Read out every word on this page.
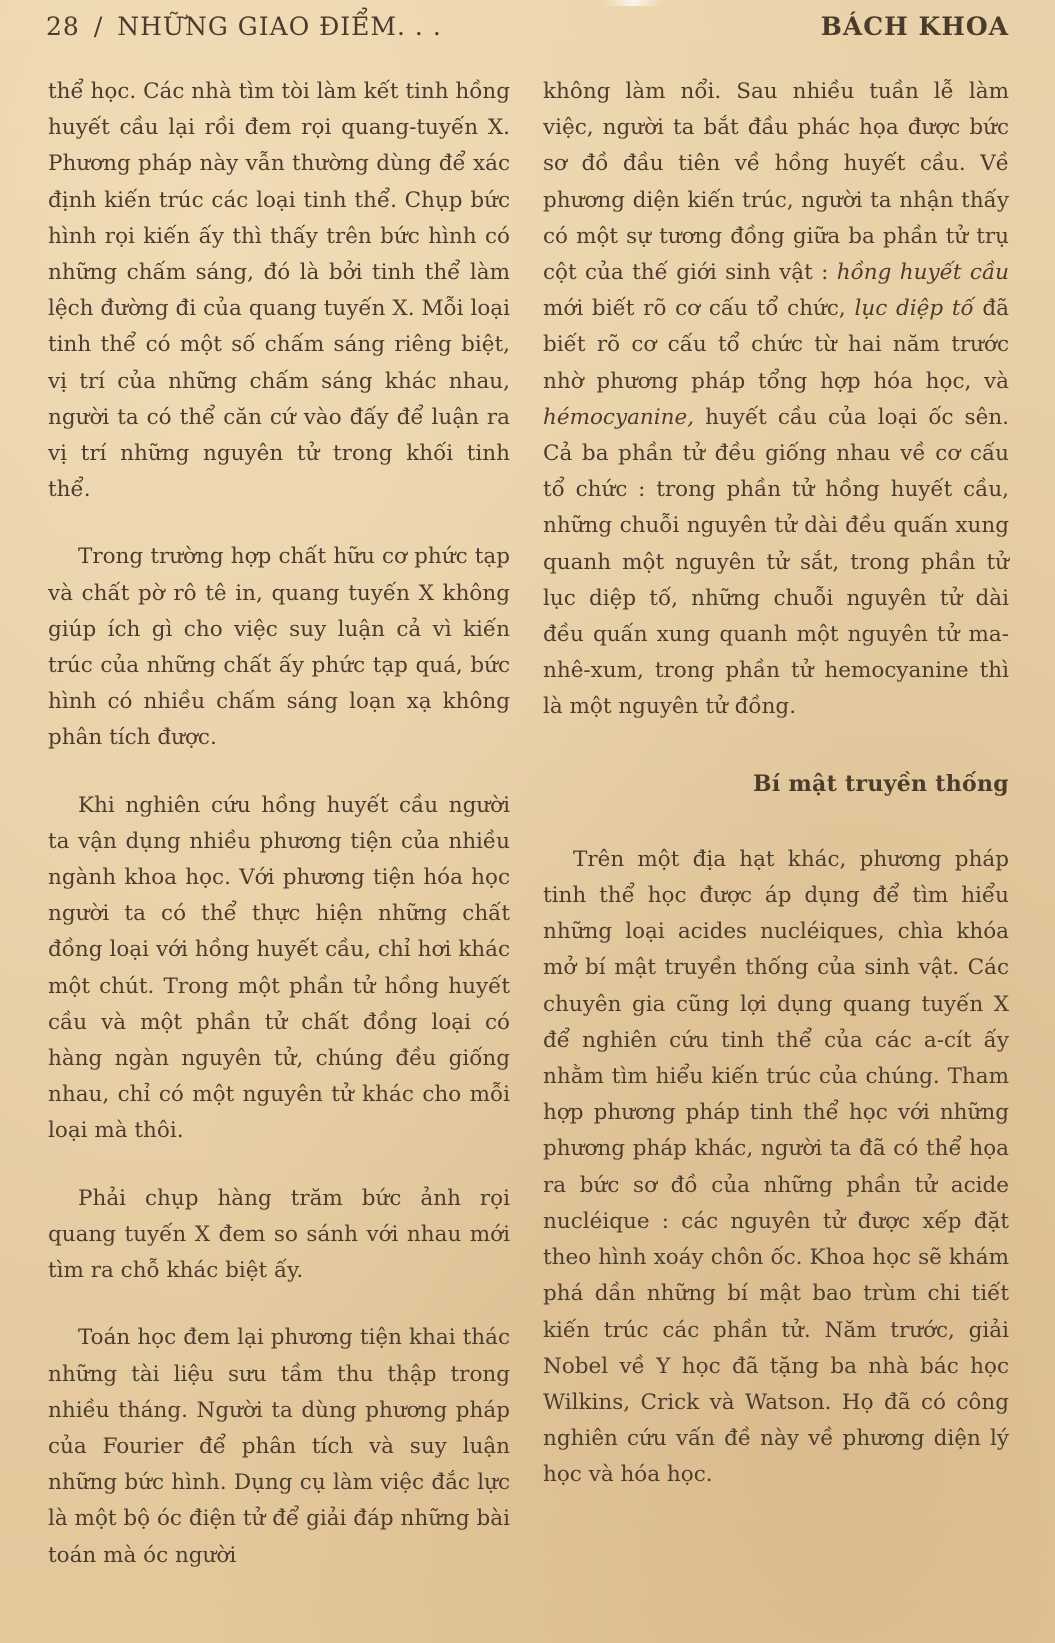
28 / NHỮNG GIAO ĐIỂM. . .	BÁCH KHOA

thể học. Các nhà tìm tòi làm kết tinh hồng huyết cầu lại rồi đem rọi quang-tuyến X. Phương pháp này vẫn thường dùng để xác định kiến trúc các loại tinh thể. Chụp bức hình rọi kiến ấy thì thấy trên bức hình có những chấm sáng, đó là bởi tinh thể làm lệch đường đi của quang tuyến X. Mỗi loại tinh thể có một số chấm sáng riêng biệt, vị trí của những chấm sáng khác nhau, người ta có thể căn cứ vào đấy để luận ra vị trí những nguyên tử trong khối tinh thể.

Trong trường hợp chất hữu cơ phức tạp và chất pờ rô tê in, quang tuyến X không giúp ích gì cho việc suy luận cả vì kiến trúc của những chất ấy phức tạp quá, bức hình có nhiều chấm sáng loạn xạ không phân tích được.

Khi nghiên cứu hồng huyết cầu người ta vận dụng nhiều phương tiện của nhiều ngành khoa học. Với phương tiện hóa học người ta có thể thực hiện những chất đồng loại với hồng huyết cầu, chỉ hơi khác một chút. Trong một phần tử hồng huyết cầu và một phần tử chất đồng loại có hàng ngàn nguyên tử, chúng đều giống nhau, chỉ có một nguyên tử khác cho mỗi loại mà thôi.

Phải chụp hàng trăm bức ảnh rọi quang tuyến X đem so sánh với nhau mới tìm ra chỗ khác biệt ấy.

Toán học đem lại phương tiện khai thác những tài liệu sưu tầm thu thập trong nhiều tháng. Người ta dùng phương pháp của Fourier để phân tích và suy luận những bức hình. Dụng cụ làm việc đắc lực là một bộ óc điện tử để giải đáp những bài toán mà óc người

không làm nổi. Sau nhiều tuần lễ làm việc, người ta bắt đầu phác họa được bức sơ đồ đầu tiên về hồng huyết cầu. Về phương diện kiến trúc, người ta nhận thấy có một sự tương đồng giữa ba phần tử trụ cột của thế giới sinh vật : hồng huyết cầu mới biết rõ cơ cấu tổ chức, lục diệp tố đã biết rõ cơ cấu tổ chức từ hai năm trước nhờ phương pháp tổng hợp hóa học, và hémocyanine, huyết cầu của loại ốc sên. Cả ba phần tử đều giống nhau về cơ cấu tổ chức : trong phần tử hồng huyết cầu, những chuỗi nguyên tử dài đều quấn xung quanh một nguyên tử sắt, trong phần tử lục diệp tố, những chuỗi nguyên tử dài đều quấn xung quanh một nguyên tử ma-nhê-xum, trong phần tử hemocyanine thì là một nguyên tử đồng.

Bí mật truyền thống

Trên một địa hạt khác, phương pháp tinh thể học được áp dụng để tìm hiểu những loại acides nucléiques, chìa khóa mở bí mật truyền thống của sinh vật. Các chuyên gia cũng lợi dụng quang tuyến X để nghiên cứu tinh thể của các a-cít ấy nhằm tìm hiểu kiến trúc của chúng. Tham hợp phương pháp tinh thể học với những phương pháp khác, người ta đã có thể họa ra bức sơ đồ của những phần tử acide nucléique : các nguyên tử được xếp đặt theo hình xoáy chôn ốc. Khoa học sẽ khám phá dần những bí mật bao trùm chi tiết kiến trúc các phần tử. Năm trước, giải Nobel về Y học đã tặng ba nhà bác học Wilkins, Crick và Watson. Họ đã có công nghiên cứu vấn đề này về phương diện lý học và hóa học.
